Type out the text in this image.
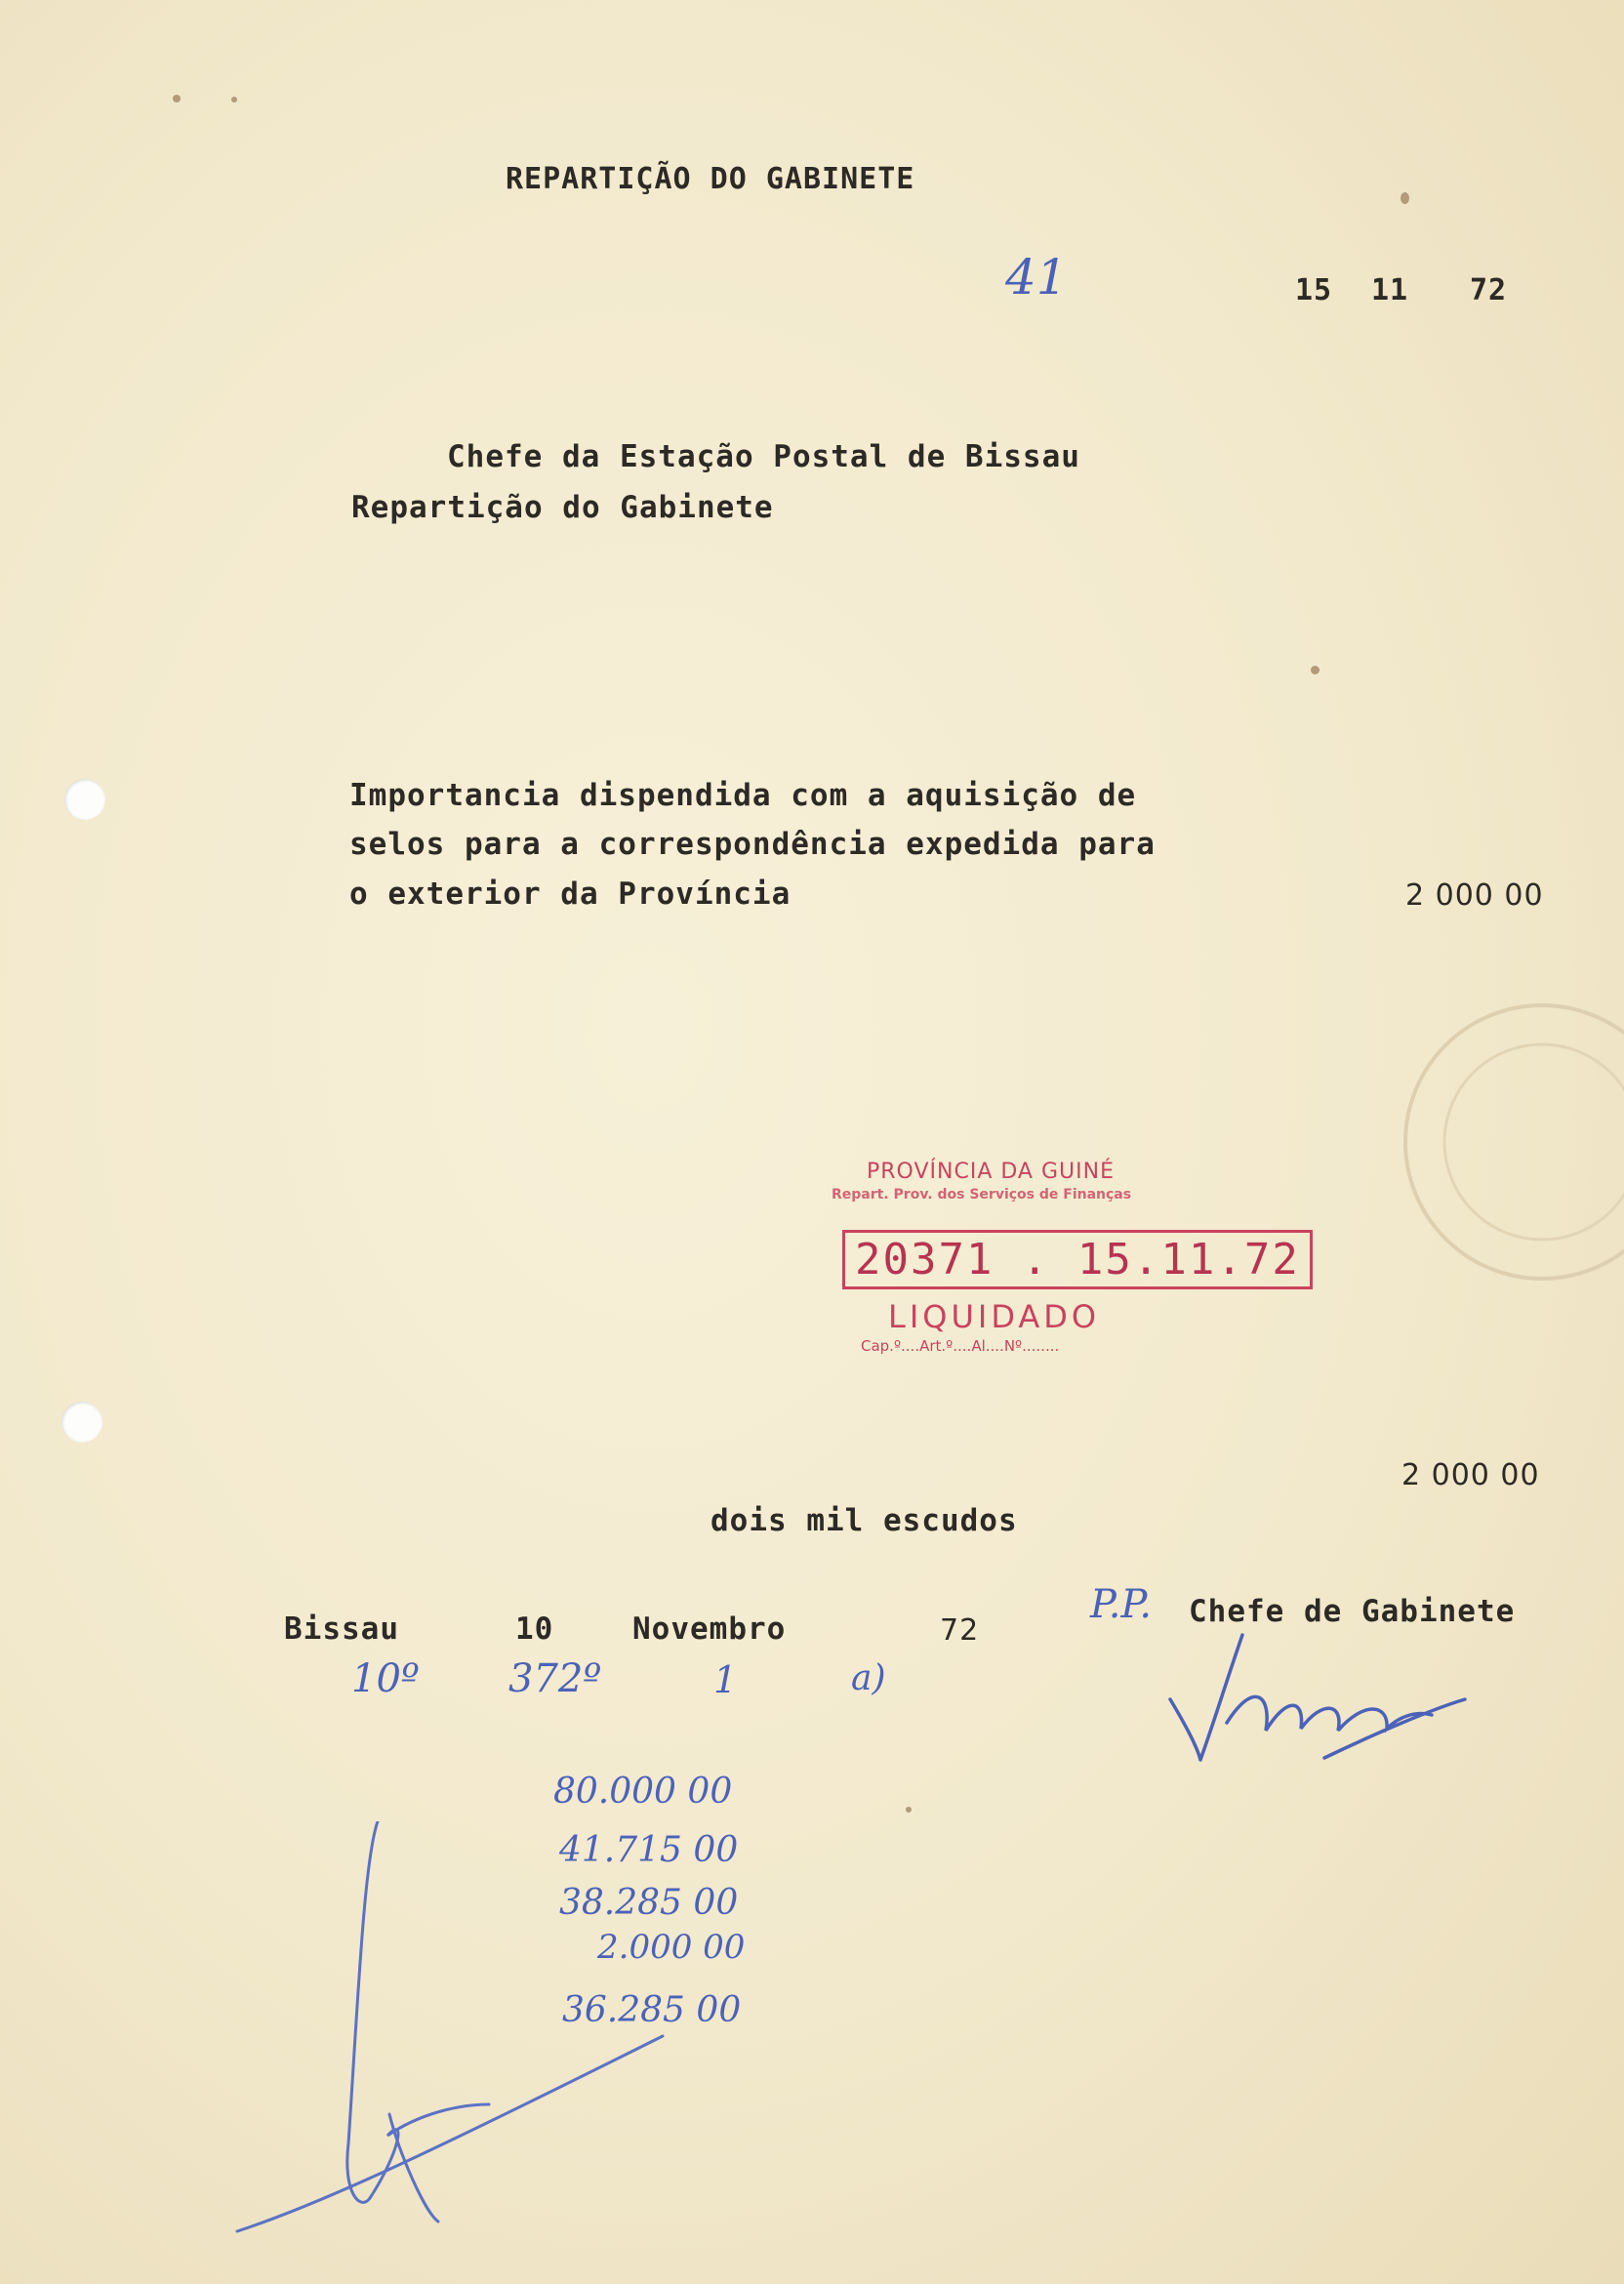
REPARTIÇÃO DO GABINETE
41	15 11 72
Chefe da Estação Postal de Bissau
Repartição do Gabinete
Importancia dispendida com a aquisição de
selos para a correspondência expedida para
o exterior da Província	2 000 00
PROVÍNCIA DA GUINÉ
Repart. Prov. dos Serviços de Finanças
20371 . 15.11.72
LIQUIDADO
Cap.º....Art.º....Al....Nº........
2 000 00
dois mil escudos
Bissau	10	Novembro	72
P.P. Chefe de Gabinete
10º 372º	1	a)
80.000 00
41.715 00
38.285 00
2.000 00
36.285 00
